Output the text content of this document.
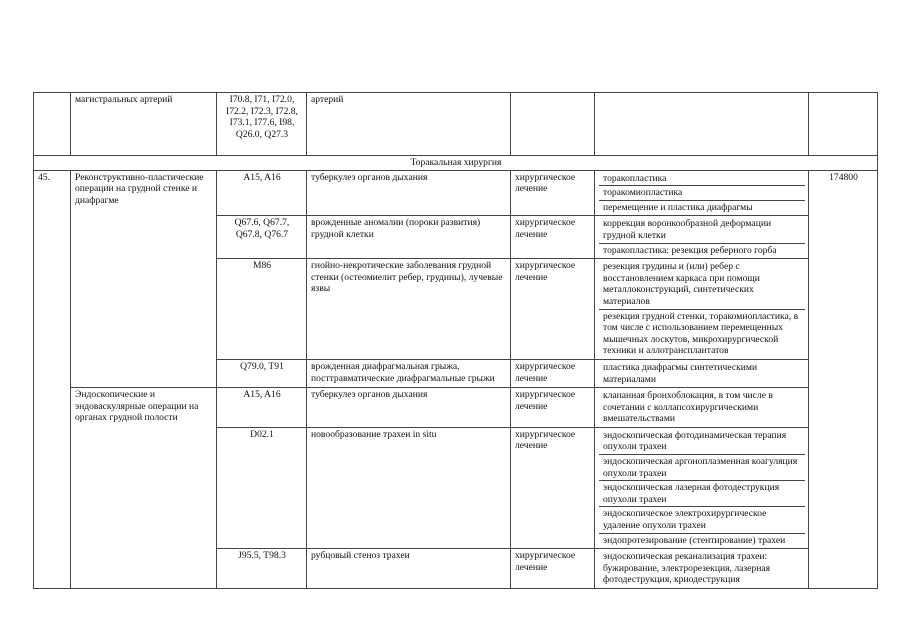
	магистральных артерий	I70.8, I71, I72.0, I72.2, I72.3, I72.8, I73.1, I77.6, I98, Q26.0, Q27.3	артерий			
Торакальная хирургия						
45.	Реконструктивно-пластические операции на грудной стенке и диафрагме	A15, A16	туберкулез органов дыхания	хирургическое лечение	торакопластика
торакомиопластика
перемещение и пластика диафрагмы	174800
		Q67.6, Q67.7, Q67.8, Q76.7	врожденные аномалии (пороки развития) грудной клетки	хирургическое лечение	коррекция воронкообразной деформации грудной клетки
торакопластика: резекция реберного горба	

		M86	гнойно-некротические заболевания грудной стенки (остеомиелит ребер, грудины), лучевые язвы	хирургическое лечение	резекция грудины и (или) ребер с восстановлением каркаса при помощи металлоконструкций, синтетических материалов
резекция грудной стенки, торакомиопластика, в том числе с использованием перемещенных мышечных лоскутов, микрохирургической техники и аллотрансплантатов	

		Q79.0, T91	врожденная диафрагмальная грыжа, посттравматические диафрагмальные грыжи	хирургическое лечение	пластика диафрагмы синтетическими материалами	

	Эндоскопические и эндоваскулярные операции на органах грудной полости	A15, A16	туберкулез органов дыхания	хирургическое лечение	клапанная бронхоблокация, в том числе в сочетании с коллапсохирургическими вмешательствами	

		D02.1	новообразование трахеи in situ	хирургическое лечение	эндоскопическая фотодинамическая терапия опухоли трахеи
эндоскопическая аргоноплазменная коагуляция опухоли трахеи
эндоскопическая лазерная фотодеструкция опухоли трахеи
эндоскопическое электрохирургическое удаление опухоли трахеи
эндопротезирование (стентирование) трахеи	

		J95.5, T98.3	рубцовый стеноз трахеи	хирургическое лечение	эндоскопическая реканализация трахеи: бужирование, электрорезекция, лазерная фотодеструкция, криодеструкция	
